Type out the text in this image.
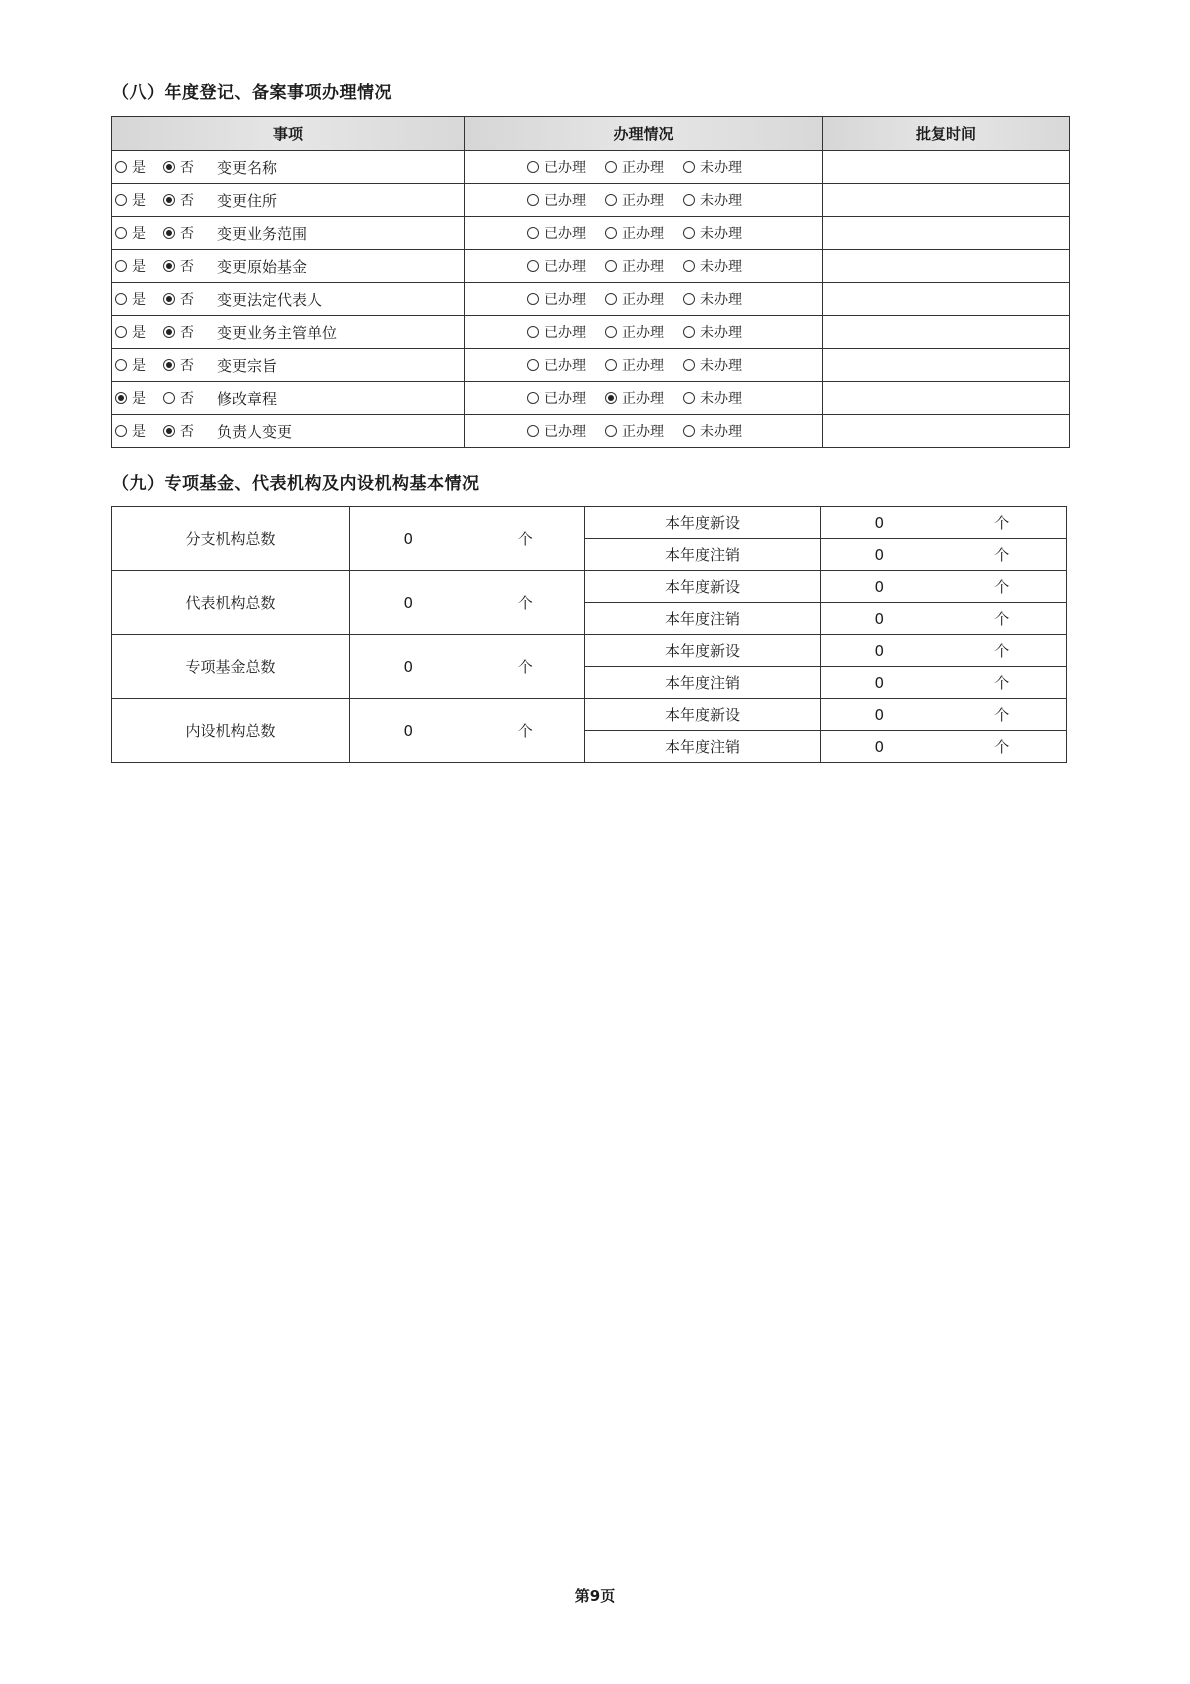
（八）年度登记、备案事项办理情况
事项	办理情况	批复时间

是 否 变更名称	已办理 正办理 未办理	

是 否 变更住所	已办理 正办理 未办理	

是 否 变更业务范围	已办理 正办理 未办理	

是 否 变更原始基金	已办理 正办理 未办理	

是 否 变更法定代表人	已办理 正办理 未办理	

是 否 变更业务主管单位	已办理 正办理 未办理	

是 否 变更宗旨	已办理 正办理 未办理	

是 否 修改章程	已办理 正办理 未办理	

是 否 负责人变更	已办理 正办理 未办理	

（九）专项基金、代表机构及内设机构基本情况
分支机构总数	0	个	本年度新设	0	个
			本年度注销	0	个
代表机构总数	0	个	本年度新设	0	个
			本年度注销	0	个
专项基金总数	0	个	本年度新设	0	个
			本年度注销	0	个
内设机构总数	0	个	本年度新设	0	个
			本年度注销	0	个
第9页
